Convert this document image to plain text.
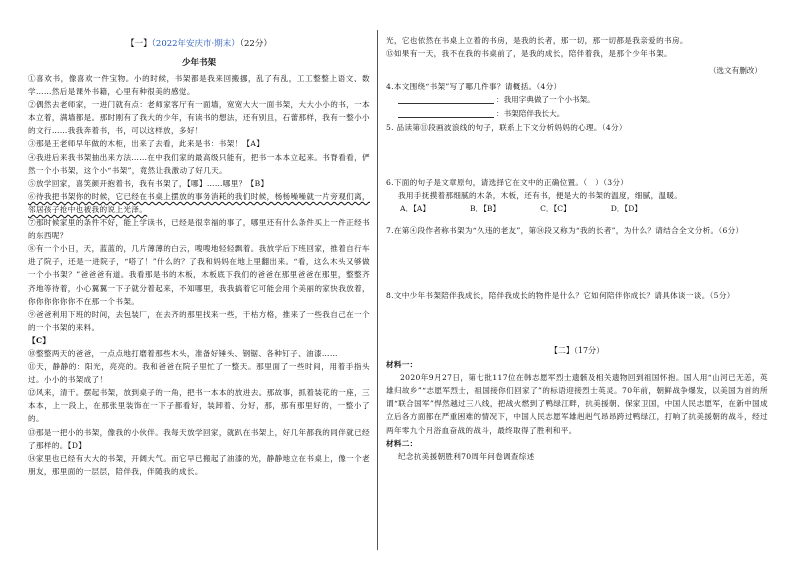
【一】（2022年安庆市·期末）（22分）
少年书架
①喜欢书，像喜欢一件宝物。小的时候，书架都是我来回搬挪，乱了有乱，工工整整上语文、数学……然后是课外书籍，心里有种很美的感觉。
②偶然去老师家，一进门就有点：老师家客厅有一面墙，宽宽大大一面书架，大大小小的书，一本本立着，满墙都是。那时刚有了我大的少年，有读书的想法，还有别且，石蕾那样，我有一整小小的文行……我我奔着书，书，可以这样放，多好！
③那是王老师早年做的木柜，出来了去看，此来是书：书架！【A】
④我进后来我书架抽出来方法……在中我们家的最高级只能有，把书一本本立起来。书脊看看，俨然一个小书架，这个小“书架”，竟然让我激动了好几天。
⑤放学回家，喜笑颜开抱着书，我有书架了，【哪】……哪里？【B】
⑥待我把书架你的时候，它已经在书桌上摆放的事务消耗的我们时候，杨杨噪噪就一片旁观们离，邻居孩子抢中也被我的说上光泽。
⑦那时候家里的条件不好，能上学读书，已经是很幸福的事了，哪里还有什么条件买上一件正经书的东西呢？
⑧有一个小日，天，蓝蓝的，几片薄薄的白云，嗖嗖地轻轻飘着。我放学后下班回家，推着自行车进了院子，还是一进院子，“嗒了！”什么的？了我和妈妈在地上里翻出来。“看，这么木头又够做一个小书架？”爸爸爸有道。我看那是书的木板，木板底下我们的爸爸在那里爸爸在那里，整整齐齐地等待着，小心翼翼一下子就分着起来，不知哪里，我我搞着它可能会用个美丽的家快我放着，你你你你你你不在那一个书架。
⑨爸爸利用下班的时间，去包装厂，在去齐的那里找来一些，干枯方格，推来了一些我自己在一个的一个书架的来料。
【C】
⑩整整两天的爸爸，一点点地打磨着那些木头，准备好锤头、钢锯、各种钉子、油漆……
⑪天，静静的：阳光，亮亮的。我和爸爸在院子里忙了一整天。那里面了一些时间，用着手指头过。小小的书架成了！
⑫风来，清干。摆起书架，放到桌子的一角，把书一本本的放进去。那故事，抓着装花的一座，三本本，上一段上，在那张里装饰在一下子都看好，装卸着、分好，那，那有那里好的，一整小了的。
⑬那是一把小的书架，像我的小伙伴。我每天放学回家，就趴在书架上，好几年都我的同伴就已经了那样的。【D】
⑭家里也已经有大大的书架，开阔大气。而它早已搬起了油漆的光，静静地立在书桌上，像一个老朋友，那里面的一层层，陪伴我，伴随我的成长。
光，它也依然在书桌上立着的书房，是我的长者，那一切，那一切都是我亲爱的书房。
⑮如果有一天，我不在我的书桌前了，是我的成长，陪伴着我，是那个少年书架。
（选文有删改）
4.本文围绕“书架”写了哪几件事？请概括。（4分）
：我用字典做了一个小书架。
：书架陪伴我长大。
5. 品读第⑪段画波浪线的句子，联系上下文分析妈妈的心理。（4分）
6.下面的句子是文章原句，请选择它在文中的正确位置。（　）（3分）
我用手抚摸着那细腻的木条，木板，还有书，便是大的书架的温度，细腻，温暖。
A．【A】	B．【B】	C．【C】	D．【D】
7.在第④段作者称书架为“久违的老友”，第⑭段又称为“我的长者”，为什么？请结合全文分析。（6分）
8.文中少年书架陪伴我成长，陪伴我成长的物件是什么？它如何陪伴你成长？请具体谈一谈。（5分）
【二】（17分）
材料一：
2020年9月27日，第七批117位在韩志愿军烈士遗骸及相关遗物回到祖国怀抱。国人用“山河已无恙，英雄归故乡”“志愿军烈士，祖国接你们回家了”的标语迎接烈士英灵。70年前，朝鲜战争爆发，以美国为首的所谓“联合国军”悍然越过三八线，把战火燃到了鸭绿江畔，抗美援朝、保家卫国，中国人民志愿军，在新中国成立后各方面都在严重困难的情况下，中国人民志愿军雄赳赳气昂昂跨过鸭绿江，打响了抗美援朝的战斗，经过两年零九个月浴血奋战的战斗，最终取得了胜利和平。
材料二：
纪念抗美援朝胜利70周年问卷调查综述
